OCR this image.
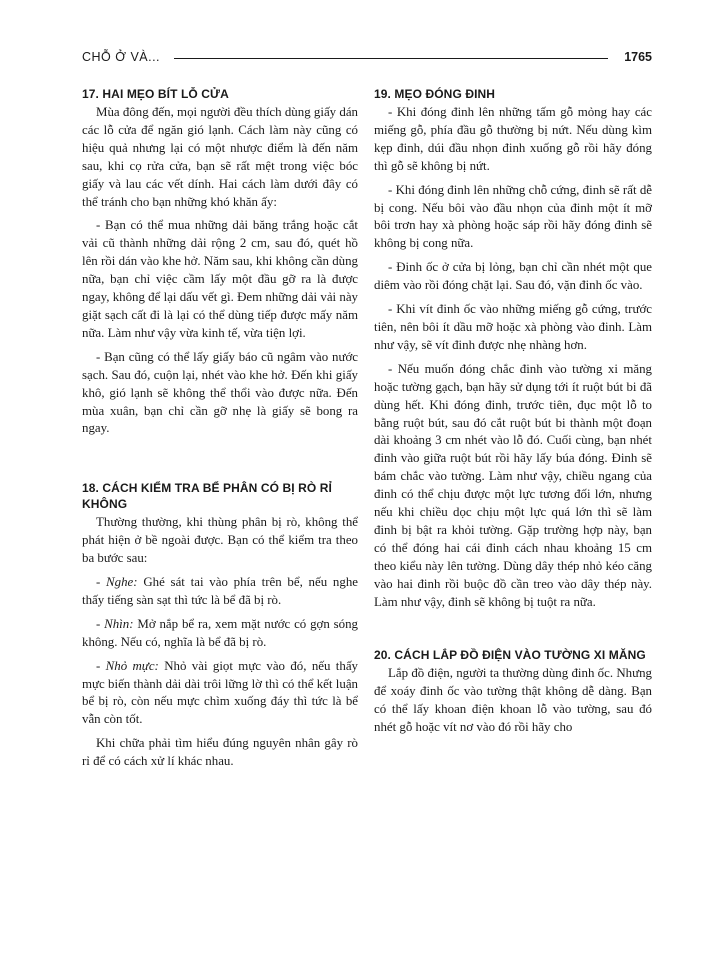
CHỖ Ở VÀ...	1765
17. HAI MẸO BÍT LỖ CỬA

Mùa đông đến, mọi người đều thích dùng giấy dán các lỗ cửa để ngăn gió lạnh. Cách làm này cũng có hiệu quả nhưng lại có một nhược điểm là đến năm sau, khi cọ rửa cửa, bạn sẽ rất mệt trong việc bóc giấy và lau các vết dính. Hai cách làm dưới đây có thể tránh cho bạn những khó khăn ấy:

- Bạn có thể mua những dải băng trắng hoặc cắt vải cũ thành những dải rộng 2 cm, sau đó, quét hồ lên rồi dán vào khe hở. Năm sau, khi không cần dùng nữa, bạn chỉ việc cầm lấy một đầu gỡ ra là được ngay, không để lại dấu vết gì. Đem những dải vải này giặt sạch cất đi là lại có thể dùng tiếp được mấy năm nữa. Làm như vậy vừa kinh tế, vừa tiện lợi.

- Bạn cũng có thể lấy giấy báo cũ ngâm vào nước sạch. Sau đó, cuộn lại, nhét vào khe hở. Đến khi giấy khô, gió lạnh sẽ không thể thổi vào được nữa. Đến mùa xuân, bạn chỉ cần gỡ nhẹ là giấy sẽ bong ra ngay.

18. CÁCH KIỂM TRA BỂ PHÂN CÓ BỊ RÒ RỈ KHÔNG

Thường thường, khi thùng phân bị rò, không thể phát hiện ở bề ngoài được. Bạn có thể kiểm tra theo ba bước sau:

- Nghe: Ghé sát tai vào phía trên bể, nếu nghe thấy tiếng sàn sạt thì tức là bể đã bị rò.

- Nhìn: Mở nắp bể ra, xem mặt nước có gợn sóng không. Nếu có, nghĩa là bể đã bị rò.

- Nhỏ mực: Nhỏ vài giọt mực vào đó, nếu thấy mực biến thành dải dài trôi lững lờ thì có thể kết luận bể bị rò, còn nếu mực chìm xuống đáy thì tức là bể vẫn còn tốt.

Khi chữa phải tìm hiểu đúng nguyên nhân gây rò rỉ để có cách xử lí khác nhau.

19. MẸO ĐÓNG ĐINH

- Khi đóng đinh lên những tấm gỗ mỏng hay các miếng gỗ, phía đầu gỗ thường bị nứt. Nếu dùng kìm kẹp đinh, dúi đầu nhọn đinh xuống gỗ rồi hãy đóng thì gỗ sẽ không bị nứt.

- Khi đóng đinh lên những chỗ cứng, đinh sẽ rất dễ bị cong. Nếu bôi vào đầu nhọn của đinh một ít mỡ bôi trơn hay xà phòng hoặc sáp rồi hãy đóng đinh sẽ không bị cong nữa.

- Đinh ốc ở cửa bị lỏng, bạn chỉ cần nhét một que diêm vào rồi đóng chặt lại. Sau đó, vặn đinh ốc vào.

- Khi vít đinh ốc vào những miếng gỗ cứng, trước tiên, nên bôi ít dầu mỡ hoặc xà phòng vào đinh. Làm như vậy, sẽ vít đinh được nhẹ nhàng hơn.

- Nếu muốn đóng chắc đinh vào tường xi măng hoặc tường gạch, bạn hãy sử dụng tới ít ruột bút bi đã dùng hết. Khi đóng đinh, trước tiên, đục một lỗ to bằng ruột bút, sau đó cắt ruột bút bi thành một đoạn dài khoảng 3 cm nhét vào lỗ đó. Cuối cùng, bạn nhét đinh vào giữa ruột bút rồi hãy lấy búa đóng. Đinh sẽ bám chắc vào tường. Làm như vậy, chiều ngang của đinh có thể chịu được một lực tương đối lớn, nhưng nếu khi chiều dọc chịu một lực quá lớn thì sẽ làm đinh bị bật ra khỏi tường. Gặp trường hợp này, bạn có thể đóng hai cái đinh cách nhau khoảng 15 cm theo kiểu này lên tường. Dùng dây thép nhỏ kéo căng vào hai đinh rồi buộc đồ cần treo vào dây thép này. Làm như vậy, đinh sẽ không bị tuột ra nữa.

20. CÁCH LẮP ĐỒ ĐIỆN VÀO TƯỜNG XI MĂNG

Lắp đồ điện, người ta thường dùng đinh ốc. Nhưng để xoáy đinh ốc vào tường thật không dễ dàng. Bạn có thể lấy khoan điện khoan lỗ vào tường, sau đó nhét gỗ hoặc vít nơ vào đó rồi hãy cho
